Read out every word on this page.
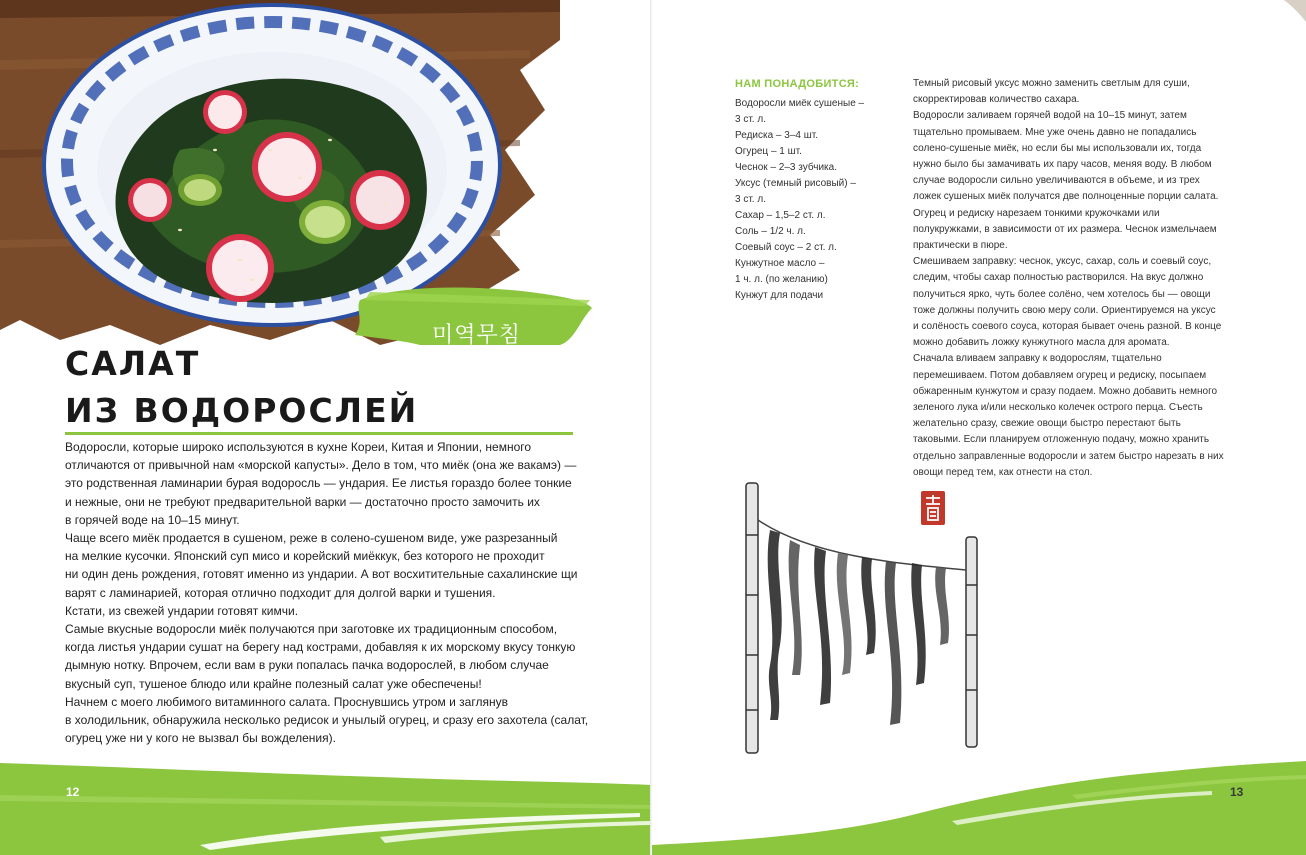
미역무침
САЛАТ
ИЗ ВОДОРОСЛЕЙ

Водоросли, которые широко используются в кухне Кореи, Китая и Японии, немного

отличаются от привычной нам «морской капусты». Дело в том, что миёк (она же вакамэ) —

это родственная ламинарии бурая водоросль — ундария. Ее листья гораздо более тонкие

и нежные, они не требуют предварительной варки — достаточно просто замочить их

в горячей воде на 10–15 минут.

Чаще всего миёк продается в сушеном, реже в солено-сушеном виде, уже разрезанный

на мелкие кусочки. Японский суп мисо и корейский миёккук, без которого не проходит

ни один день рождения, готовят именно из ундарии. А вот восхитительные сахалинские щи

варят с ламинарией, которая отлично подходит для долгой варки и тушения.

Кстати, из свежей ундарии готовят кимчи.

Самые вкусные водоросли миёк получаются при заготовке их традиционным способом,

когда листья ундарии сушат на берегу над кострами, добавляя к их морскому вкусу тонкую

дымную нотку. Впрочем, если вам в руки попалась пачка водорослей, в любом случае

вкусный суп, тушеное блюдо или крайне полезный салат уже обеспечены!

Начнем с моего любимого витаминного салата. Проснувшись утром и заглянув

в холодильник, обнаружила несколько редисок и унылый огурец, и сразу его захотела (салат,

огурец уже ни у кого не вызвал бы вожделения).

12
НАМ ПОНАДОБИТСЯ:

Водоросли миёк сушеные –

3 ст. л.

Редиска – 3–4 шт.

Огурец – 1 шт.

Чеснок – 2–3 зубчика.

Уксус (темный рисовый) –

3 ст. л.

Сахар – 1,5–2 ст. л.

Соль – 1/2 ч. л.

Соевый соус – 2 ст. л.

Кунжутное масло –

1 ч. л. (по желанию)

Кунжут для подачи

Темный рисовый уксус можно заменить светлым для суши,

скорректировав количество сахара.

Водоросли заливаем горячей водой на 10–15 минут, затем

тщательно промываем. Мне уже очень давно не попадались

солено-сушеные миёк, но если бы мы использовали их, тогда

нужно было бы замачивать их пару часов, меняя воду. В любом

случае водоросли сильно увеличиваются в объеме, и из трех

ложек сушеных миёк получатся две полноценные порции салата.

Огурец и редиску нарезаем тонкими кружочками или

полукружками, в зависимости от их размера. Чеснок измельчаем

практически в пюре.

Смешиваем заправку: чеснок, уксус, сахар, соль и соевый соус,

следим, чтобы сахар полностью растворился. На вкус должно

получиться ярко, чуть более солёно, чем хотелось бы — овощи

тоже должны получить свою меру соли. Ориентируемся на уксус

и солёность соевого соуса, которая бывает очень разной. В конце

можно добавить ложку кунжутного масла для аромата.

Сначала вливаем заправку к водорослям, тщательно

перемешиваем. Потом добавляем огурец и редиску, посыпаем

обжаренным кунжутом и сразу подаем. Можно добавить немного

зеленого лука и/или несколько колечек острого перца. Съесть

желательно сразу, свежие овощи быстро перестают быть

таковыми. Если планируем отложенную подачу, можно хранить

отдельно заправленные водоросли и затем быстро нарезать в них

овощи перед тем, как отнести на стол.

13
